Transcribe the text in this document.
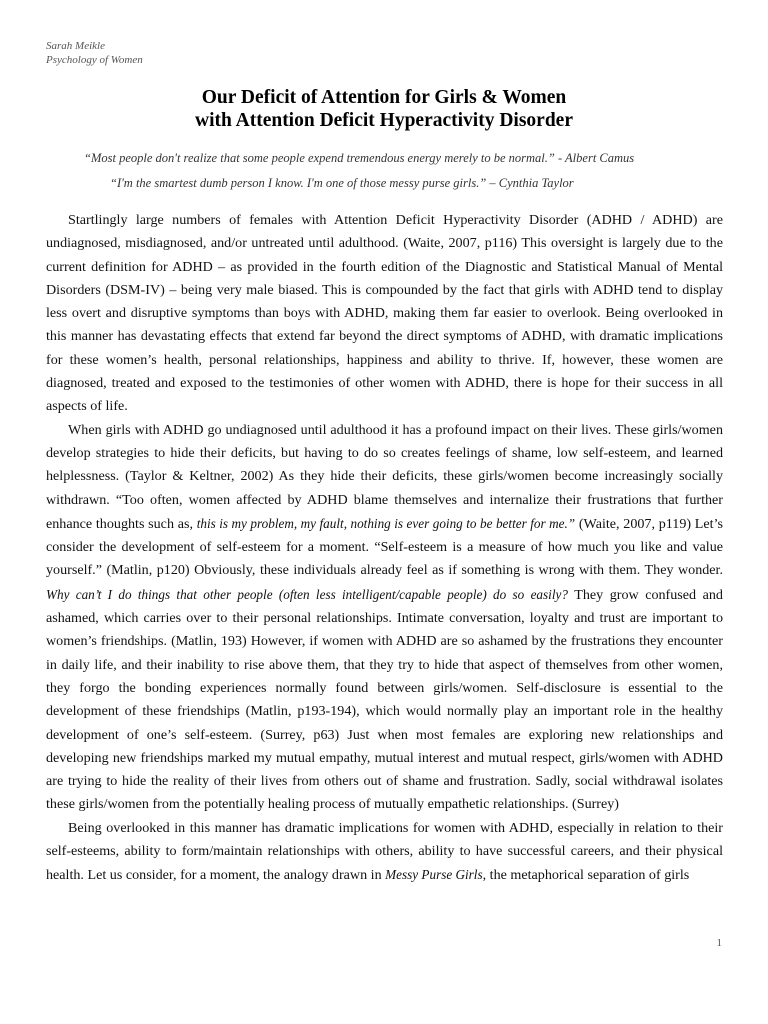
Sarah Meikle
Psychology of Women
Our Deficit of Attention for Girls & Women
with Attention Deficit Hyperactivity Disorder
“Most people don't realize that some people expend tremendous energy merely to be normal.” - Albert Camus
“I'm the smartest dumb person I know. I'm one of those messy purse girls.” – Cynthia Taylor

Startlingly large numbers of females with Attention Deficit Hyperactivity Disorder (ADHD / ADHD) are undiagnosed, misdiagnosed, and/or untreated until adulthood. (Waite, 2007, p116) This oversight is largely due to the current definition for ADHD – as provided in the fourth edition of the Diagnostic and Statistical Manual of Mental Disorders (DSM-IV) – being very male biased. This is compounded by the fact that girls with ADHD tend to display less overt and disruptive symptoms than boys with ADHD, making them far easier to overlook. Being overlooked in this manner has devastating effects that extend far beyond the direct symptoms of ADHD, with dramatic implications for these women’s health, personal relationships, happiness and ability to thrive. If, however, these women are diagnosed, treated and exposed to the testimonies of other women with ADHD, there is hope for their success in all aspects of life.

When girls with ADHD go undiagnosed until adulthood it has a profound impact on their lives. These girls/women develop strategies to hide their deficits, but having to do so creates feelings of shame, low self-esteem, and learned helplessness. (Taylor & Keltner, 2002) As they hide their deficits, these girls/women become increasingly socially withdrawn. “Too often, women affected by ADHD blame themselves and internalize their frustrations that further enhance thoughts such as, this is my problem, my fault, nothing is ever going to be better for me.” (Waite, 2007, p119) Let’s consider the development of self-esteem for a moment. “Self-esteem is a measure of how much you like and value yourself.” (Matlin, p120) Obviously, these individuals already feel as if something is wrong with them. They wonder. Why can’t I do things that other people (often less intelligent/capable people) do so easily? They grow confused and ashamed, which carries over to their personal relationships. Intimate conversation, loyalty and trust are important to women’s friendships. (Matlin, 193) However, if women with ADHD are so ashamed by the frustrations they encounter in daily life, and their inability to rise above them, that they try to hide that aspect of themselves from other women, they forgo the bonding experiences normally found between girls/women. Self-disclosure is essential to the development of these friendships (Matlin, p193-194), which would normally play an important role in the healthy development of one’s self-esteem. (Surrey, p63) Just when most females are exploring new relationships and developing new friendships marked my mutual empathy, mutual interest and mutual respect, girls/women with ADHD are trying to hide the reality of their lives from others out of shame and frustration. Sadly, social withdrawal isolates these girls/women from the potentially healing process of mutually empathetic relationships. (Surrey)

Being overlooked in this manner has dramatic implications for women with ADHD, especially in relation to their self-esteems, ability to form/maintain relationships with others, ability to have successful careers, and their physical health. Let us consider, for a moment, the analogy drawn in Messy Purse Girls, the metaphorical separation of girls

1
